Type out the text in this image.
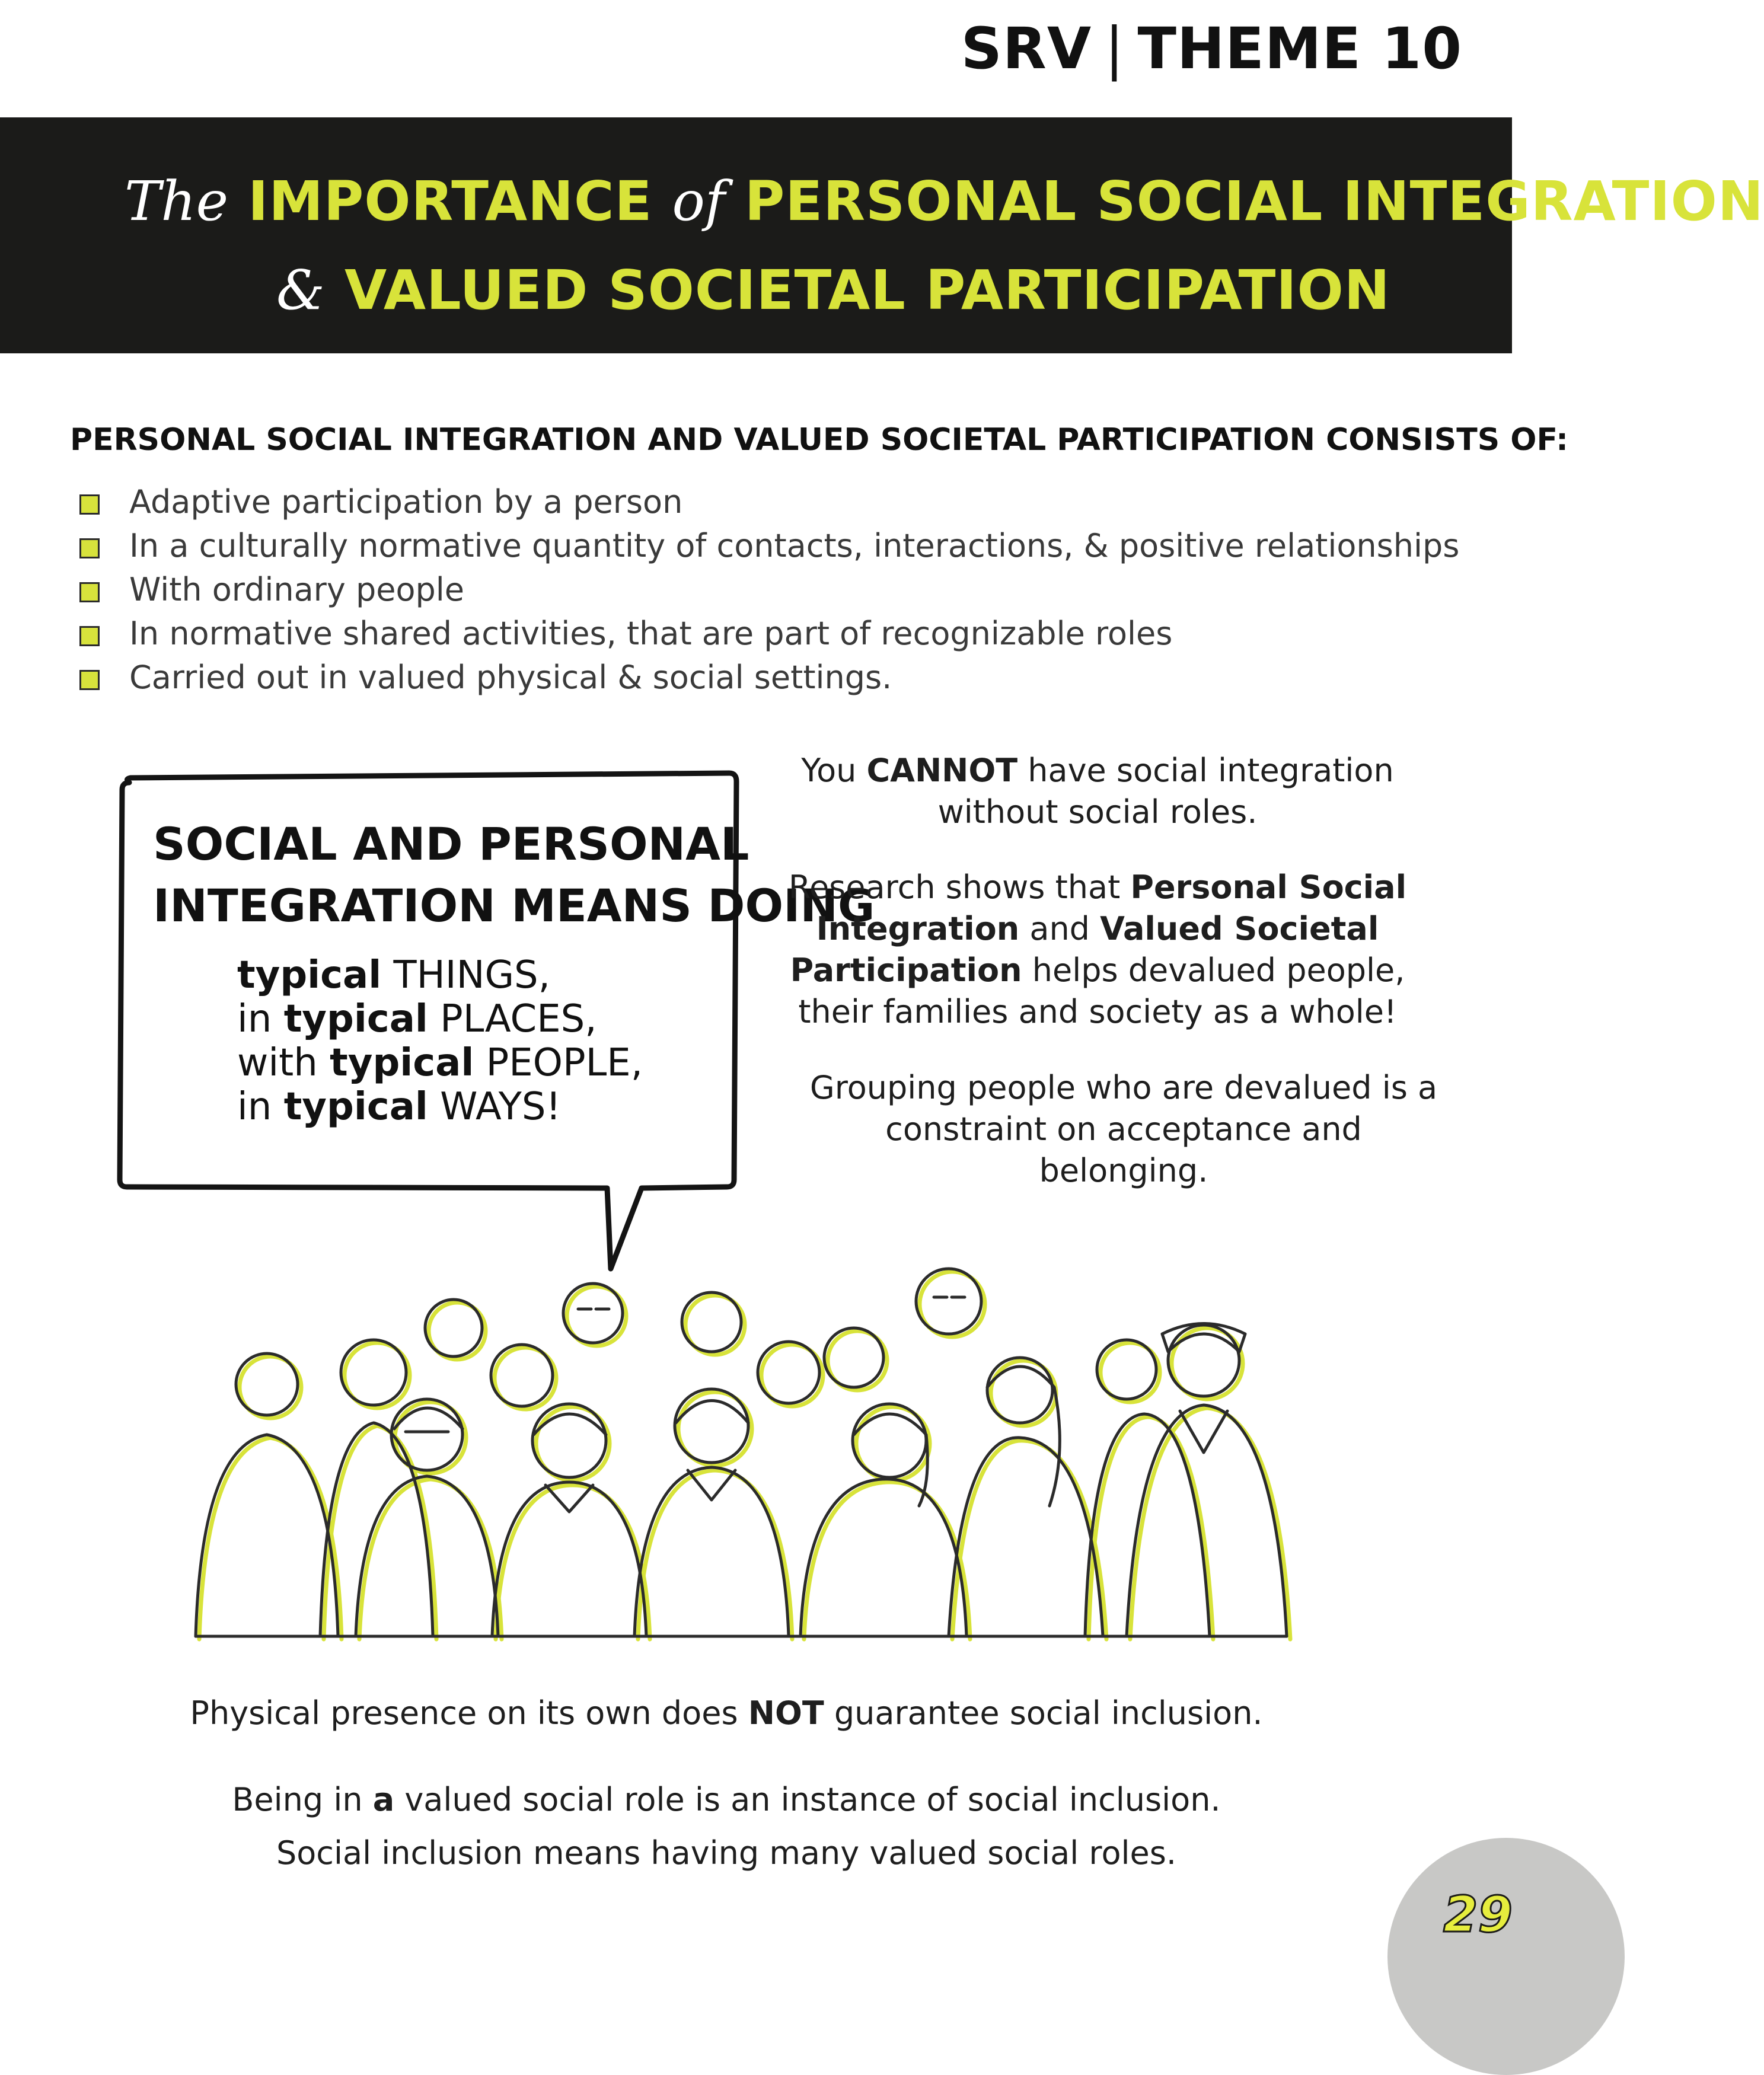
SRV | THEME 10
The IMPORTANCE of PERSONAL SOCIAL INTEGRATION
& VALUED SOCIETAL PARTICIPATION
PERSONAL SOCIAL INTEGRATION AND VALUED SOCIETAL PARTICIPATION CONSISTS OF:
Adaptive participation by a person
In a culturally normative quantity of contacts, interactions, & positive relationships
With ordinary people
In normative shared activities, that are part of recognizable roles
Carried out in valued physical & social settings.
SOCIAL AND PERSONAL
INTEGRATION MEANS DOING
typical THINGS,
in typical PLACES,
with typical PEOPLE,
in typical WAYS!
You CANNOT have social integration without social roles.
Research shows that Personal Social Integration and Valued Societal Participation helps devalued people, their families and society as a whole!
Grouping people who are devalued is a constraint on acceptance and belonging.
Physical presence on its own does NOT guarantee social inclusion.
Being in a valued social role is an instance of social inclusion.
Social inclusion means having many valued social roles.
29
